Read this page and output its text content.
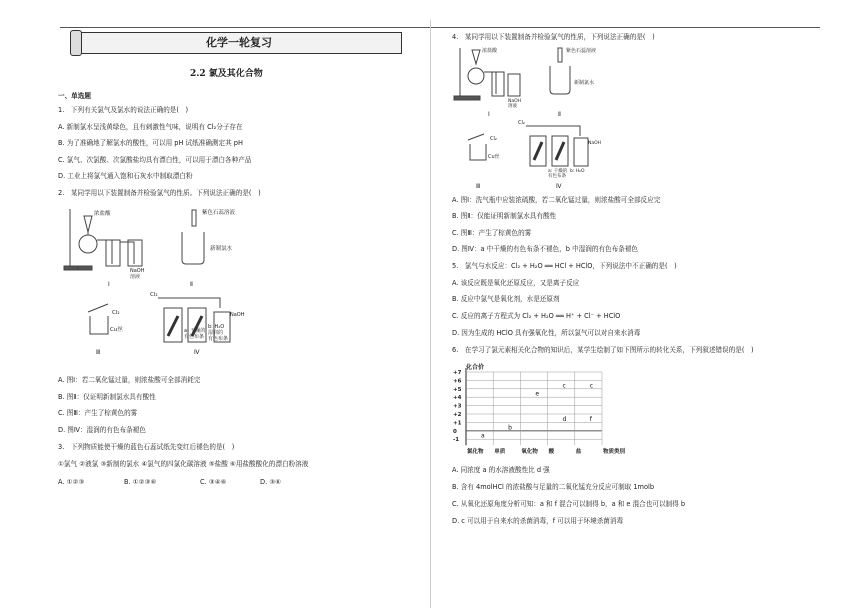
化学一轮复习
2.2 氯及其化合物
一、单选题
1.　下列有关氯气及氯水的说法正确的是(　)
A. 新制氯水呈浅黄绿色，且有刺激性气味，说明有 Cl₂分子存在
B. 为了准确地了解氯水的酸性，可以用 pH 试纸准确测定其 pH
C. 氯气、次氯酸、次氯酸盐均具有漂白性，可以用于漂白各种产品
D. 工业上将氯气通入饱和石灰水中制取漂白粉
2.　某同学用以下装置制备并检验氯气的性质。下列说法正确的是(　)
浓盐酸
NaOH
溶液
Ⅰ
紫色石蕊溶液
新制氯水
Ⅱ
Cl₂
Cu丝
Ⅲ
Cl₂
a: 干燥的
有色布条
b: H₂O
湿润的
有色布条
NaOH
Ⅳ
A. 图Ⅰ：若二氧化锰过量，则浓盐酸可全部消耗完
B. 图Ⅱ：仅证明新制氯水具有酸性
C. 图Ⅲ：产生了棕黄色的雾
D. 图Ⅳ：湿润的有色布条褪色
3.　下列物质能使干燥的蓝色石蕊试纸先变红后褪色的是(　)
①氯气 ②液氯 ③新制的氯水 ④氯气的四氯化碳溶液 ⑤盐酸 ⑥用盐酸酸化的漂白粉溶液
A. ①②③	B. ①②③⑥	C. ③④⑥	D. ③⑥
4.　某同学用以下装置制备并检验氯气的性质，下列说法正确的是(　)
浓盐酸
NaOH
溶液
Ⅰ
紫色石蕊溶液
新制氯水
Ⅱ
Cl₂
Cu丝
Ⅲ
Cl₂
a: 干燥的
有色布条
b: H₂O
NaOH
Ⅳ
A. 图Ⅰ：洗气瓶中应装浓硫酸，若二氧化锰过量，则浓盐酸可全部反应完
B. 图Ⅱ：仅能证明新制氯水具有酸性
C. 图Ⅲ：产生了棕黄色的雾
D. 图Ⅳ：a 中干燥的有色布条不褪色，b 中湿润的有色布条褪色
5.　氯气与水反应：Cl₂ + H₂O ══ HCl + HClO，下列说法中不正确的是(　)
A. 该反应既是氧化还原反应，又是离子反应
B. 反应中氯气是氧化剂，水是还原剂
C. 反应的离子方程式为 Cl₂ + H₂O ══ H⁺ + Cl⁻ + HClO
D. 因为生成的 HClO 具有强氧化性，所以氯气可以对自来水消毒
6.　在学习了氯元素相关化合物的知识后，某学生绘制了如下图所示的转化关系，下列叙述错误的是(　)
化合价
+7
+6
+5
+4
+3
+2
+1
0
-1
氯化物 单质	氧化物 酸	盐	物质类别
a
b
c	c
d
e
f
A. 同浓度 a 的水溶液酸性比 d 强
B. 含有 4molHCl 的浓盐酸与足量的二氧化锰充分反应可制取 1molb
C. 从氧化还原角度分析可知：a 和 f 混合可以制得 b，a 和 e 混合也可以制得 b
D. c 可以用于自来水的杀菌消毒，f 可以用于环境杀菌消毒
